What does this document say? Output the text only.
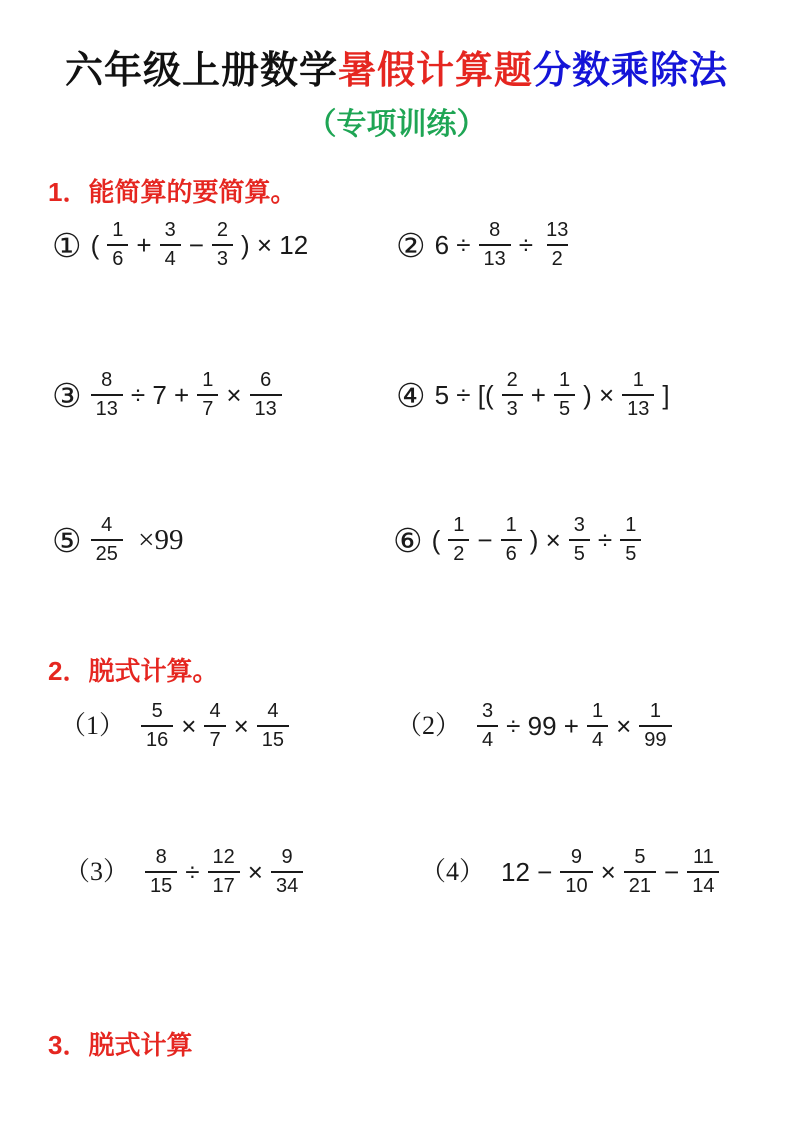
六年级上册数学暑假计算题分数乘除法
（专项训练）
1．能简算的要简算。
① ( $\frac{1}{6} + \frac{3}{4} - \frac{2}{3}$ ) × 12	② $6 \div \frac{8}{13} \div \frac{13}{2}$
③ $\frac{8}{13} \div 7 + \frac{1}{7} \times \frac{6}{13}$	④ 5 ÷ [( $\frac{2}{3} + \frac{1}{5}$ ) × $\frac{1}{13}$ ]
⑤ $\frac{4}{25} \times 99$	⑥ ( $\frac{1}{2} - \frac{1}{6}$ ) × $\frac{3}{5} \div \frac{1}{5}$
2．脱式计算。
$(1) \frac{5}{16} \times \frac{4}{7} \times \frac{4}{15}$	$(2) \frac{3}{4} \div 99 + \frac{1}{4} \times \frac{1}{99}$
$(3) \frac{8}{15} \div \frac{12}{17} \times \frac{9}{34}$	（4） $12 - \frac{9}{10} \times \frac{5}{21} - \frac{11}{14}$
3．脱式计算
